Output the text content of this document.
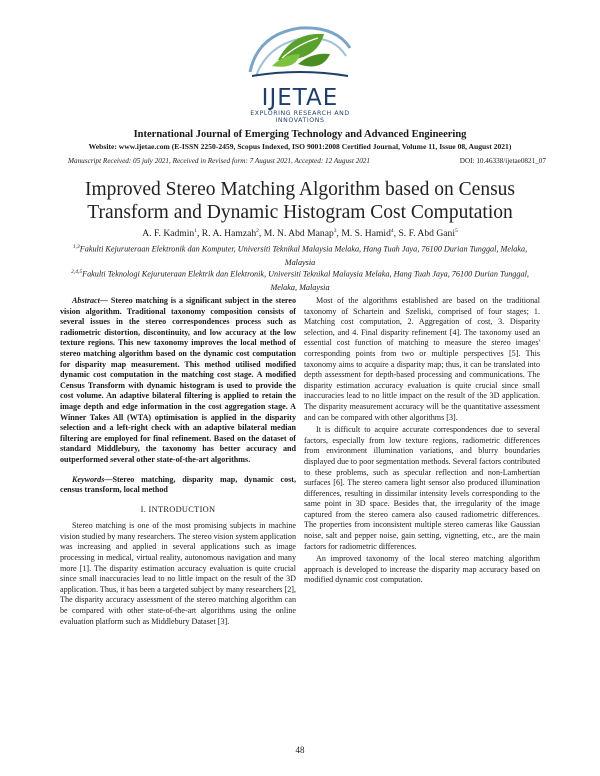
IJETAE
EXPLORING RESEARCH AND INNOVATIONS
International Journal of Emerging Technology and Advanced Engineering
Website: www.ijetae.com (E-ISSN 2250-2459, Scopus Indexed, ISO 9001:2008 Certified Journal, Volume 11, Issue 08, August 2021)
Manuscript Received: 05 july 2021, Received in Revised form: 7 August 2021, Accepted: 12 August 2021	DOI: 10.46338/ijetae0821_07
Improved Stereo Matching Algorithm based on Census
Transform and Dynamic Histogram Cost Computation
A. F. Kadmin$^1$, R. A. Hamzah$^2$, M. N. Abd Manap$^3$, M. S. Hamid$^4$, S. F. Abd Gani$^5$
$^{1,3}$Fakulti Kejuruteraan Elektronik dan Komputer, Universiti Teknikal Malaysia Melaka, Hang Tuah Jaya, 76100 Durian Tunggal, Melaka, Malaysia
$^{2,4,5}$Fakulti Teknologi Kejuruteraan Elektrik dan Elektronik, Universiti Teknikal Malaysia Melaka, Hang Tuah Jaya, 76100 Durian Tunggal, Melaka, Malaysia

Abstract— Stereo matching is a significant subject in the stereo vision algorithm. Traditional taxonomy composition consists of several issues in the stereo correspondences process such as radiometric distortion, discontinuity, and low accuracy at the low texture regions. This new taxonomy improves the local method of stereo matching algorithm based on the dynamic cost computation for disparity map measurement. This method utilised modified dynamic cost computation in the matching cost stage. A modified Census Transform with dynamic histogram is used to provide the cost volume. An adaptive bilateral filtering is applied to retain the image depth and edge information in the cost aggregation stage. A Winner Takes All (WTA) optimisation is applied in the disparity selection and a left-right check with an adaptive bilateral median filtering are employed for final refinement. Based on the dataset of standard Middlebury, the taxonomy has better accuracy and outperformed several other state-of-the-art algorithms.

Keywords—Stereo matching, disparity map, dynamic cost, census transform, local method

I. INTRODUCTION

Stereo matching is one of the most promising subjects in machine vision studied by many researchers. The stereo vision system application was increasing and applied in several applications such as image processing in medical, virtual reality, autonomous navigation and many more [1]. The disparity estimation accuracy evaluation is quite crucial since small inaccuracies lead to no little impact on the result of the 3D application. Thus, it has been a targeted subject by many researchers [2], The disparity accuracy assessment of the stereo matching algorithm can be compared with other state-of-the-art algorithms using the online evaluation platform such as Middlebury Dataset [3].

Most of the algorithms established are based on the traditional taxonomy of Schartein and Szeliski, comprised of four stages; 1. Matching cost computation, 2. Aggregation of cost, 3. Disparity selection, and 4. Final disparity refinement [4]. The taxonomy used an essential cost function of matching to measure the stereo images' corresponding points from two or multiple perspectives [5]. This taxonomy aims to acquire a disparity map; thus, it can be translated into depth assessment for depth-based processing and communications. The disparity estimation accuracy evaluation is quite crucial since small inaccuracies lead to no little impact on the result of the 3D application. The disparity measurement accuracy will be the quantitative assessment and can be compared with other algorithms [3].

It is difficult to acquire accurate correspondences due to several factors, especially from low texture regions, radiometric differences from environment illumination variations, and blurry boundaries displayed due to poor segmentation methods. Several factors contributed to these problems, such as specular reflection and non-Lambertian surfaces [6]. The stereo camera light sensor also produced illumination differences, resulting in dissimilar intensity levels corresponding to the same point in 3D space. Besides that, the irregularity of the image captured from the stereo camera also caused radiometric differences. The properties from inconsistent multiple stereo cameras like Gaussian noise, salt and pepper noise, gain setting, vignetting, etc., are the main factors for radiometric differences.

An improved taxonomy of the local stereo matching algorithm approach is developed to increase the disparity map accuracy based on modified dynamic cost computation.

48
